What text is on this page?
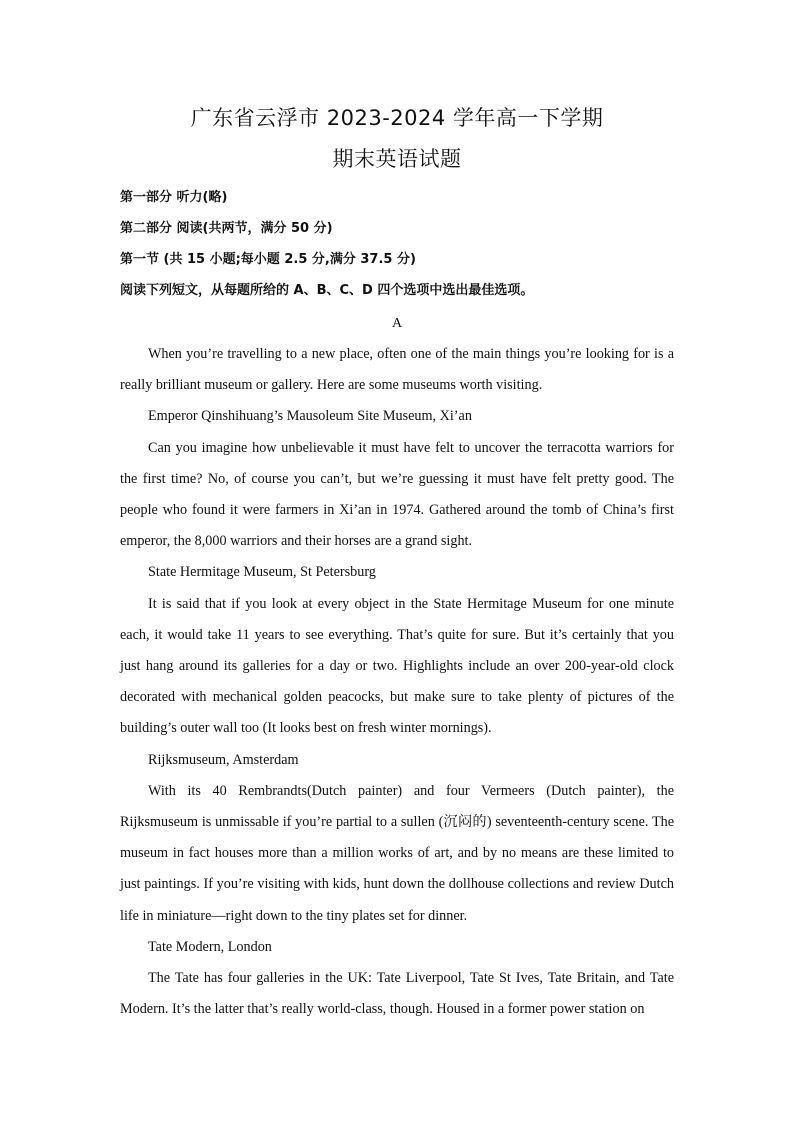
广东省云浮市 2023-2024 学年高一下学期
期末英语试题

第一部分 听力(略)

第二部分 阅读(共两节，满分 50 分)

第一节 (共 15 小题;每小题 2.5 分,满分 37.5 分)

阅读下列短文，从每题所给的 A、B、C、D 四个选项中选出最佳选项。

A

When you’re travelling to a new place, often one of the main things you’re looking for is a really brilliant museum or gallery. Here are some museums worth visiting.

Emperor Qinshihuang’s Mausoleum Site Museum, Xi’an

Can you imagine how unbelievable it must have felt to uncover the terracotta warriors for the first time? No, of course you can’t, but we’re guessing it must have felt pretty good. The people who found it were farmers in Xi’an in 1974. Gathered around the tomb of China’s first emperor, the 8,000 warriors and their horses are a grand sight.

State Hermitage Museum, St Petersburg

It is said that if you look at every object in the State Hermitage Museum for one minute each, it would take 11 years to see everything. That’s quite for sure. But it’s certainly that you just hang around its galleries for a day or two. Highlights include an over 200-year-old clock decorated with mechanical golden peacocks, but make sure to take plenty of pictures of the building’s outer wall too (It looks best on fresh winter mornings).

Rijksmuseum, Amsterdam

With its 40 Rembrandts(Dutch painter) and four Vermeers (Dutch painter), the Rijksmuseum is unmissable if you’re partial to a sullen (沉闷的) seventeenth-century scene. The museum in fact houses more than a million works of art, and by no means are these limited to just paintings. If you’re visiting with kids, hunt down the dollhouse collections and review Dutch life in miniature—right down to the tiny plates set for dinner.

Tate Modern, London

The Tate has four galleries in the UK: Tate Liverpool, Tate St Ives, Tate Britain, and Tate Modern. It’s the latter that’s really world-class, though. Housed in a former power station on
